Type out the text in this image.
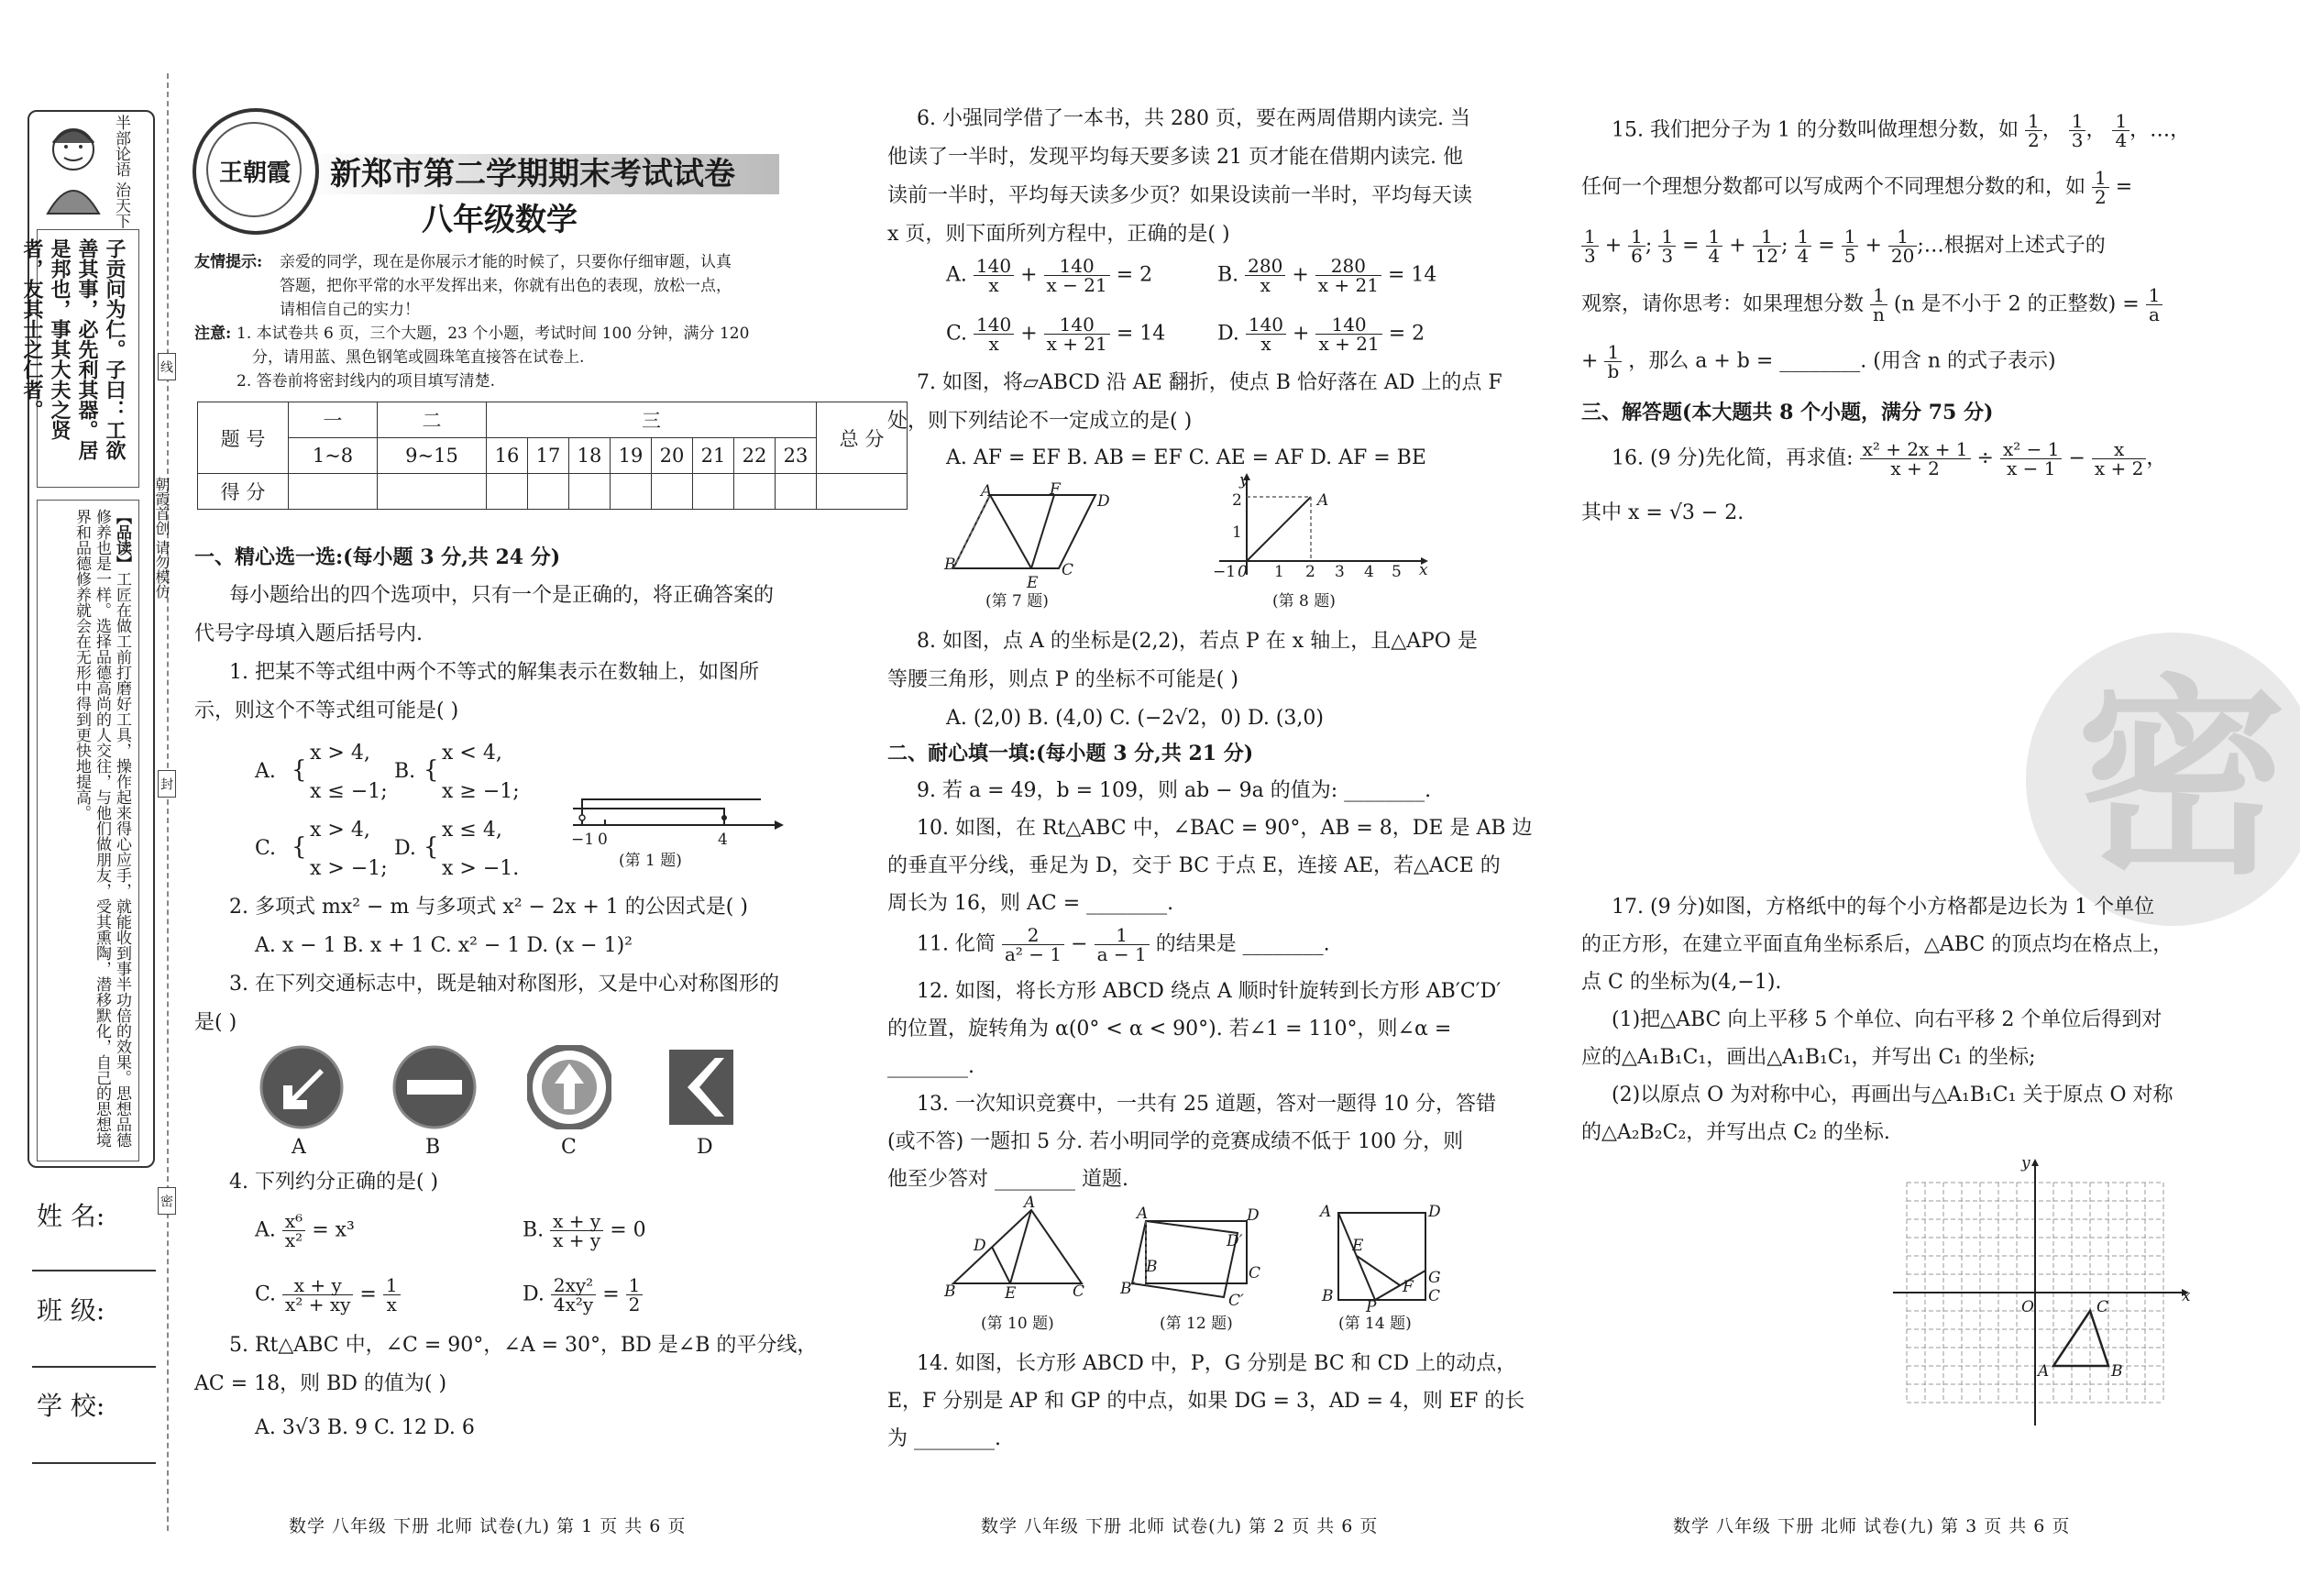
半部论语 治天下
子贡问为仁。子曰：工欲善其事，必先利其器。居是邦也，事其大夫之贤者，友其士之仁者。
【品读】工匠在做工前打磨好工具，操作起来得心应手，就能收到事半功倍的效果。思想品德修养也是一样。选择品德高尚的人交往，与他们做朋友，受其熏陶，潜移默化，自己的思想境界和品德修养就会在无形中得到更快地提高。
姓 名:
班 级:
学 校:
线
封
密
朝霞首创 请勿模仿
王朝霞	新郑市第二学期期末考试试卷
八年级数学
友情提示: 亲爱的同学，现在是你展示才能的时候了，只要你仔细审题，认真
答题，把你平常的水平发挥出来，你就有出色的表现，放松一点，
请相信自己的实力！
注意: 1. 本试卷共 6 页，三个大题，23 个小题，考试时间 100 分钟，满分 120
分，请用蓝、黑色钢笔或圆珠笔直接答在试卷上.
2. 答卷前将密封线内的项目填写清楚.
题 号	一	二	三								总 分
	1~8	9~15	16	17	18	19	20	21	22	23	
得 分											
一、精心选一选:(每小题 3 分,共 24 分)
每小题给出的四个选项中，只有一个是正确的，将正确答案的
代号字母填入题后括号内.
1. 把某不等式组中两个不等式的解集表示在数轴上，如图所
示，则这个不等式组可能是( )
A. {
x > 4,
x ≤ −1;
B. {
x < 4,
x ≥ −1;
C. {
x > 4,
x > −1;
D. {
x ≤ 4,
x > −1.
−1 0	4
(第 1 题)
2. 多项式 mx² − m 与多项式 x² − 2x + 1 的公因式是( )
A. x − 1 B. x + 1 C. x² − 1 D. (x − 1)²
3. 在下列交通标志中，既是轴对称图形，又是中心对称图形的
是( )
A	B	C	D
4. 下列约分正确的是( )
A. $\frac{\text{x⁶}}{\text{x²}} = x^3$	B. $\frac{x + y}{x + y} = 0$
C. $\frac{x + y}{\text{x² + xy}} = \frac{1}{x}$	D. $\frac{\text{2xy²}}{\text{4x²y}} = \frac{1}{2}$
5. Rt△ABC 中，∠C = 90°，∠A = 30°，BD 是∠B 的平分线，
AC = 18，则 BD 的值为( )
A. 3√3 B. 9 C. 12 D. 6
6. 小强同学借了一本书，共 280 页，要在两周借期内读完. 当
他读了一半时，发现平均每天要多读 21 页才能在借期内读完. 他
读前一半时，平均每天读多少页？如果设读前一半时，平均每天读
x 页，则下面所列方程中，正确的是( )
A. $\frac{140}{x} + \frac{140}{x - 21} = 2$	B. $\frac{280}{x} + \frac{280}{x + 21} = 14$
C. $\frac{140}{x} + \frac{140}{x + 21} = 14$	D. $\frac{140}{x} + \frac{140}{x + 21} = 2$
7. 如图，将▱ABCD 沿 AE 翻折，使点 B 恰好落在 AD 上的点 F
处，则下列结论不一定成立的是( )
A. AF = EF B. AB = EF C. AE = AF D. AF = BE
A
D
F
B
E
C
(第 7 题)
y
A
2
1
−1 0 1 2 3 4 5 x
(第 8 题)
8. 如图，点 A 的坐标是(2,2)，若点 P 在 x 轴上，且△APO 是
等腰三角形，则点 P 的坐标不可能是( )
A. (2,0) B. (4,0) C. (−2√2，0) D. (3,0)
二、耐心填一填:(每小题 3 分,共 21 分)
9. 若 a = 49，b = 109，则 ab − 9a 的值为: ________.
10. 如图，在 Rt△ABC 中，∠BAC = 90°，AB = 8，DE 是 AB 边
的垂直平分线，垂足为 D，交于 BC 于点 E，连接 AE，若△ACE 的
周长为 16，则 AC = ________.
11. 化简 $\frac{2}{\text{a² − 1}} - \frac{1}{a - 1}$ 的结果是 ________.
12. 如图，将长方形 ABCD 绕点 A 顺时针旋转到长方形 AB′C′D′
的位置，旋转角为 α(0° < α < 90°). 若∠1 = 110°，则∠α =
________.
13. 一次知识竞赛中，一共有 25 道题，答对一题得 10 分，答错
(或不答) 一题扣 5 分. 若小明同学的竞赛成绩不低于 100 分，则
他至少答对 ________ 道题.
A
D
B	E	C
(第 10 题)
A	D
D′
B	C
B′
C′
(第 12 题)
A	D
E
G
F
B
P
C
(第 14 题)
14. 如图，长方形 ABCD 中，P，G 分别是 BC 和 CD 上的动点，
E，F 分别是 AP 和 GP 的中点，如果 DG = 3，AD = 4，则 EF 的长
为 ________.
密
15. 我们把分子为 1 的分数叫做理想分数，如 $\frac{1}{2}$ ， $\frac{1}{3}$ ， $\frac{1}{4}$ ，…，
任何一个理想分数都可以写成两个不同理想分数的和，如 $\frac{1}{2}$ =
$\frac{1}{3} + \frac{1}{6}$ ; $\frac{1}{3} = \frac{1}{4} + \frac{1}{12}$ ; $\frac{1}{4} = \frac{1}{5} + \frac{1}{20}$ ;…根据对上述式子的
观察，请你思考：如果理想分数 $\frac{1}{n} (n$ 是不小于 2 的正整数) = $\frac{1}{a}$
+ $\frac{1}{b}$ ，那么 a + b = ________. (用含 n 的式子表示)
三、解答题(本大题共 8 个小题，满分 75 分)
16. (9 分)先化简，再求值: $\frac{\text{x² + 2x + 1}}{x + 2} \div \frac{\text{x² − 1}}{x - 1} - \frac{x}{x + 2}$ ，
其中 x = √3 − 2.
17. (9 分)如图，方格纸中的每个小方格都是边长为 1 个单位
的正方形，在建立平面直角坐标系后，△ABC 的顶点均在格点上，
点 C 的坐标为(4,−1).
(1)把△ABC 向上平移 5 个单位、向右平移 2 个单位后得到对
应的△A₁B₁C₁，画出△A₁B₁C₁，并写出 C₁ 的坐标;
(2)以原点 O 为对称中心，再画出与△A₁B₁C₁ 关于原点 O 对称
的△A₂B₂C₂，并写出点 C₂ 的坐标.
y
x
O	C
A	B
数学 八年级 下册 北师 试卷(九) 第 1 页 共 6 页	数学 八年级 下册 北师 试卷(九) 第 2 页 共 6 页	数学 八年级 下册 北师 试卷(九) 第 3 页 共 6 页
